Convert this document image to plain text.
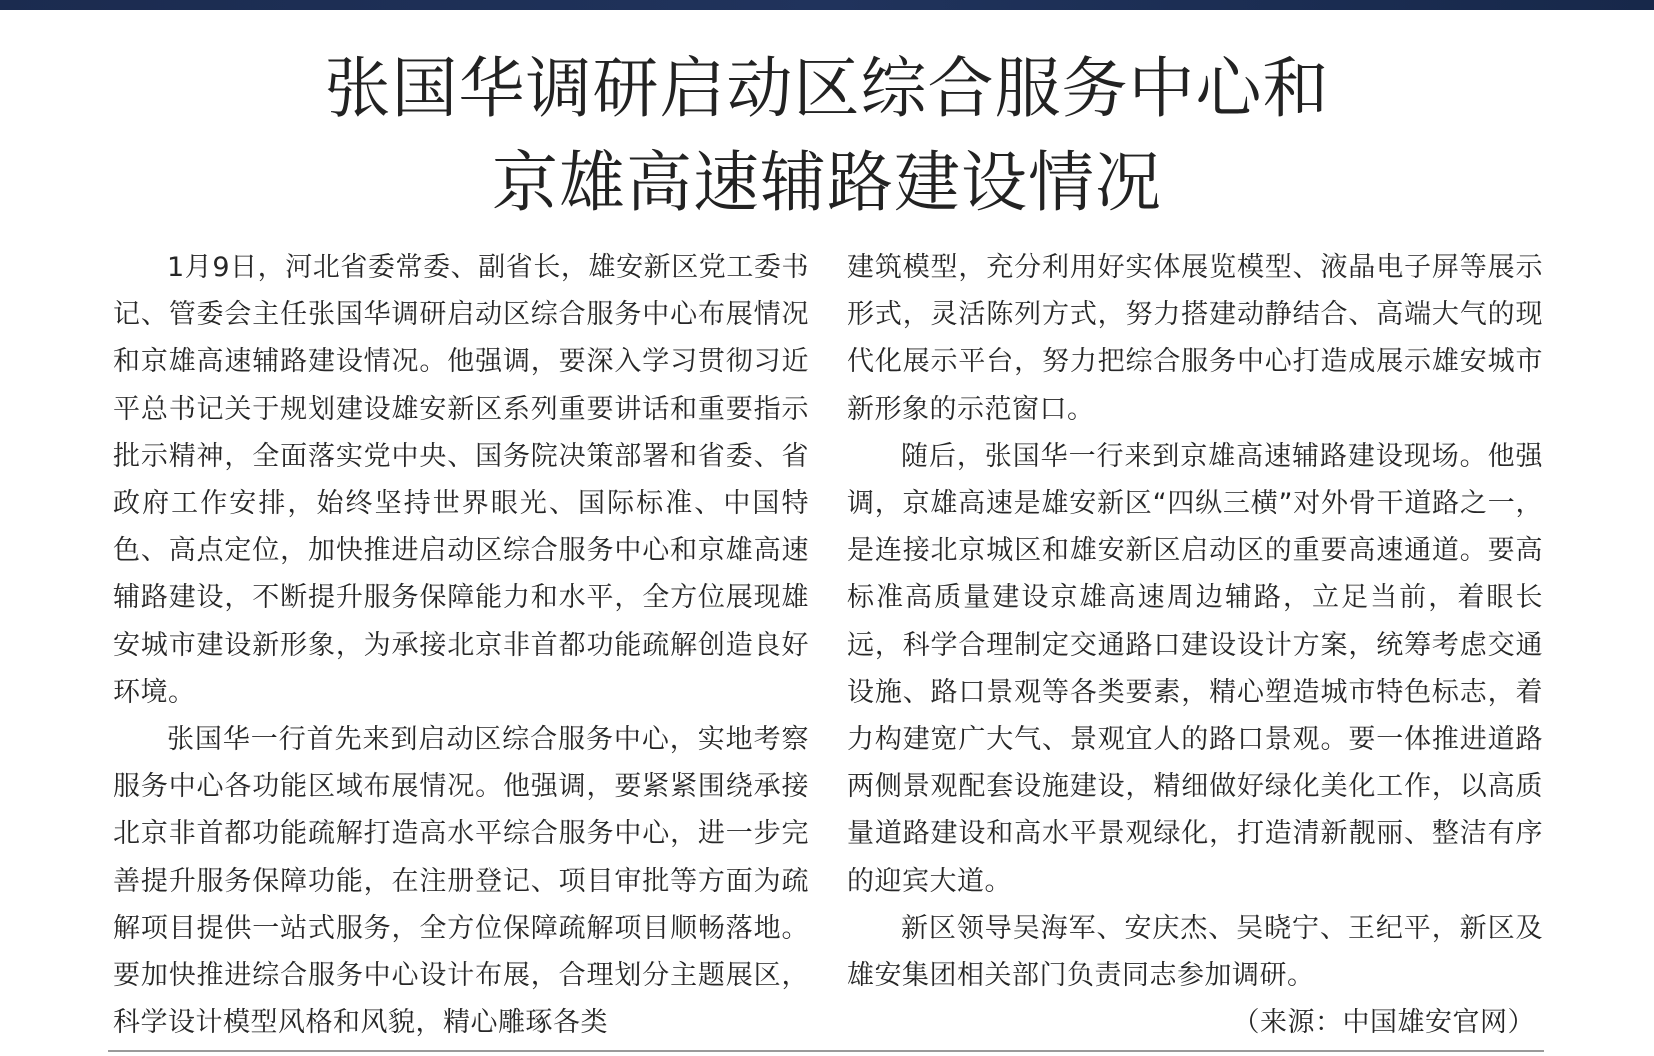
张国华调研启动区综合服务中心和
京雄高速辅路建设情况

1月9日，河北省委常委、副省长，雄安新区党工委书记、管委会主任张国华调研启动区综合服务中心布展情况和京雄高速辅路建设情况。他强调，要深入学习贯彻习近平总书记关于规划建设雄安新区系列重要讲话和重要指示批示精神，全面落实党中央、国务院决策部署和省委、省政府工作安排，始终坚持世界眼光、国际标准、中国特色、高点定位，加快推进启动区综合服务中心和京雄高速辅路建设，不断提升服务保障能力和水平，全方位展现雄安城市建设新形象，为承接北京非首都功能疏解创造良好环境。

张国华一行首先来到启动区综合服务中心，实地考察服务中心各功能区域布展情况。他强调，要紧紧围绕承接北京非首都功能疏解打造高水平综合服务中心，进一步完善提升服务保障功能，在注册登记、项目审批等方面为疏解项目提供一站式服务，全方位保障疏解项目顺畅落地。要加快推进综合服务中心设计布展，合理划分主题展区，科学设计模型风格和风貌，精心雕琢各类

建筑模型，充分利用好实体展览模型、液晶电子屏等展示形式，灵活陈列方式，努力搭建动静结合、高端大气的现代化展示平台，努力把综合服务中心打造成展示雄安城市新形象的示范窗口。

随后，张国华一行来到京雄高速辅路建设现场。他强调，京雄高速是雄安新区“四纵三横”对外骨干道路之一，是连接北京城区和雄安新区启动区的重要高速通道。要高标准高质量建设京雄高速周边辅路，立足当前，着眼长远，科学合理制定交通路口建设设计方案，统筹考虑交通设施、路口景观等各类要素，精心塑造城市特色标志，着力构建宽广大气、景观宜人的路口景观。要一体推进道路两侧景观配套设施建设，精细做好绿化美化工作，以高质量道路建设和高水平景观绿化，打造清新靓丽、整洁有序的迎宾大道。

新区领导吴海军、安庆杰、吴晓宁、王纪平，新区及雄安集团相关部门负责同志参加调研。

（来源：中国雄安官网）
